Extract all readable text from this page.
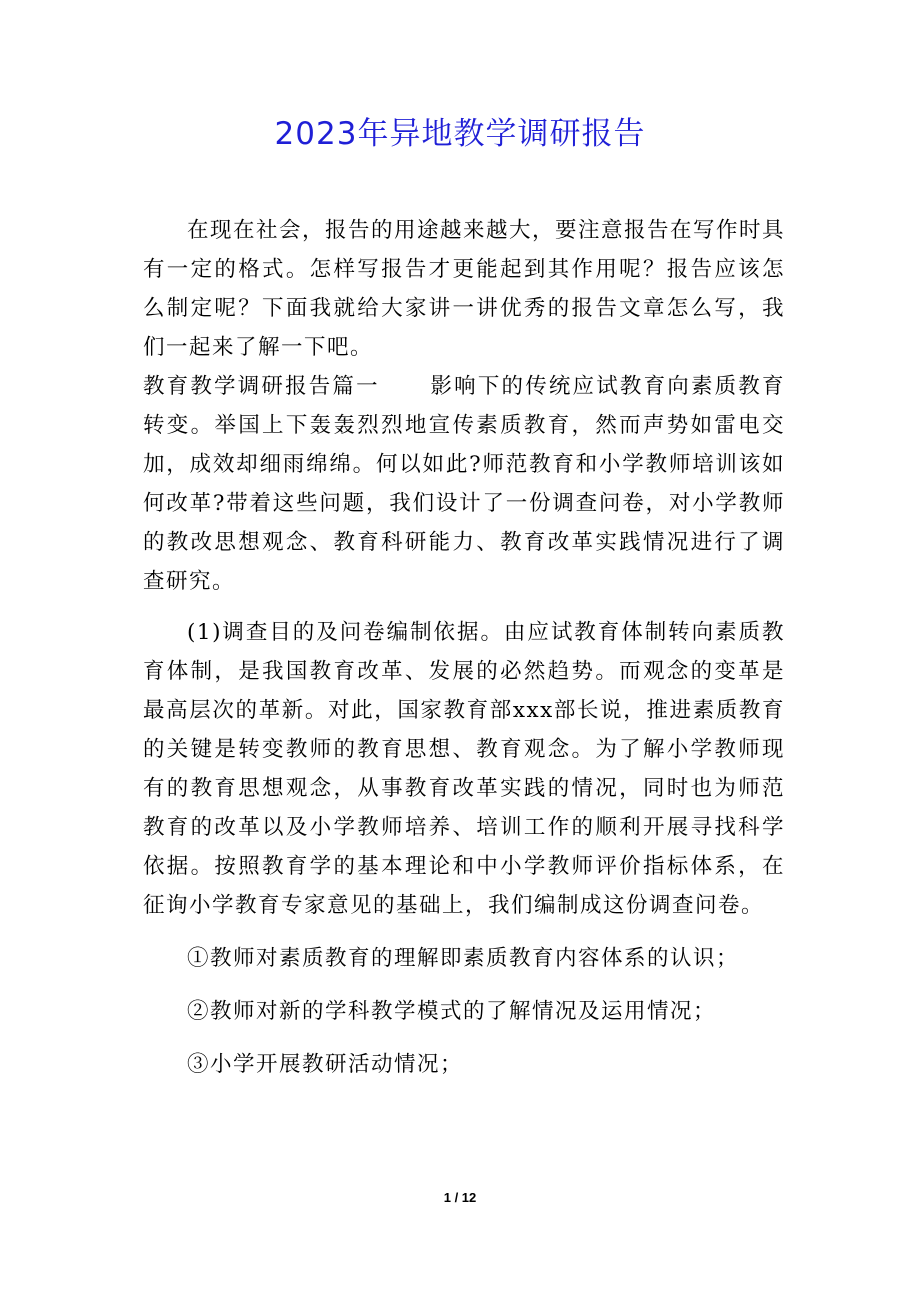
2023年异地教学调研报告

在现在社会，报告的用途越来越大，要注意报告在写作时具有一定的格式。怎样写报告才更能起到其作用呢？报告应该怎么制定呢？下面我就给大家讲一讲优秀的报告文章怎么写，我们一起来了解一下吧。

教育教学调研报告篇一 影响下的传统应试教育向素质教育转变。举国上下轰轰烈烈地宣传素质教育，然而声势如雷电交加，成效却细雨绵绵。何以如此?师范教育和小学教师培训该如何改革?带着这些问题，我们设计了一份调查问卷，对小学教师的教改思想观念、教育科研能力、教育改革实践情况进行了调查研究。

(1)调查目的及问卷编制依据。由应试教育体制转向素质教育体制，是我国教育改革、发展的必然趋势。而观念的变革是最高层次的革新。对此，国家教育部xxx部长说，推进素质教育的关键是转变教师的教育思想、教育观念。为了解小学教师现有的教育思想观念，从事教育改革实践的情况，同时也为师范教育的改革以及小学教师培养、培训工作的顺利开展寻找科学依据。按照教育学的基本理论和中小学教师评价指标体系，在征询小学教育专家意见的基础上，我们编制成这份调查问卷。

①教师对素质教育的理解即素质教育内容体系的认识；

②教师对新的学科教学模式的了解情况及运用情况；

③小学开展教研活动情况；

1 / 12
